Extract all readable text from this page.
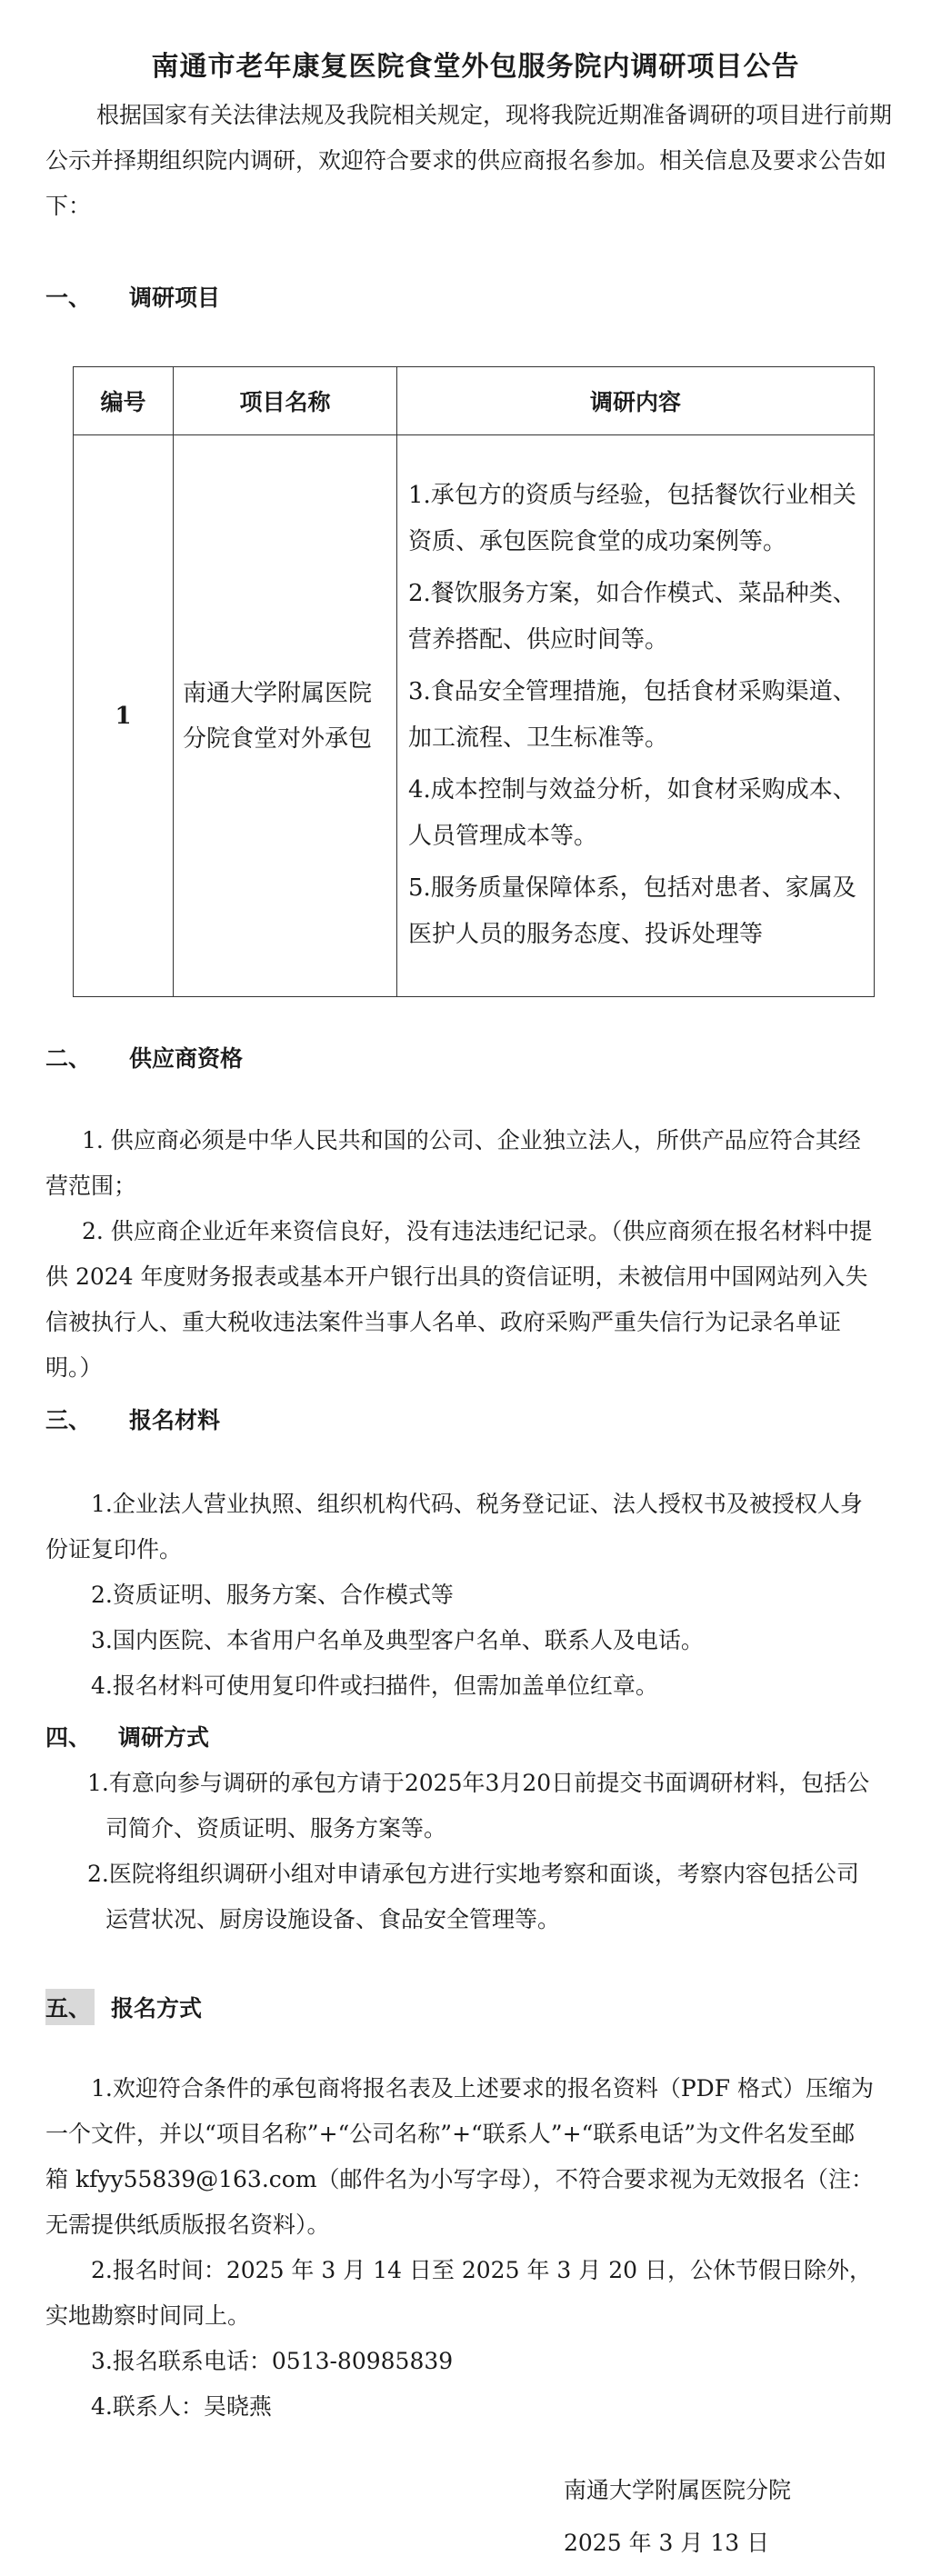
南通市老年康复医院食堂外包服务院内调研项目公告
根据国家有关法律法规及我院相关规定，现将我院近期准备调研的项目进行前期公示并择期组织院内调研，欢迎符合要求的供应商报名参加。相关信息及要求公告如下：
一、 调研项目
编号	项目名称	调研内容
1	南通大学附属医院分院食堂对外承包	1.承包方的资质与经验，包括餐饮行业相关资质、承包医院食堂的成功案例等。

2.餐饮服务方案，如合作模式、菜品种类、营养搭配、供应时间等。

3.食品安全管理措施，包括食材采购渠道、加工流程、卫生标准等。

4.成本控制与效益分析，如食材采购成本、人员管理成本等。

5.服务质量保障体系，包括对患者、家属及医护人员的服务态度、投诉处理等

二、 供应商资格
1. 供应商必须是中华人民共和国的公司、企业独立法人，所供产品应符合其经营范围；
2. 供应商企业近年来资信良好，没有违法违纪记录。（供应商须在报名材料中提供 2024 年度财务报表或基本开户银行出具的资信证明，未被信用中国网站列入失信被执行人、重大税收违法案件当事人名单、政府采购严重失信行为记录名单证明。）
三、 报名材料
1.企业法人营业执照、组织机构代码、税务登记证、法人授权书及被授权人身份证复印件。
2.资质证明、服务方案、合作模式等
3.国内医院、本省用户名单及典型客户名单、联系人及电话。
4.报名材料可使用复印件或扫描件，但需加盖单位红章。
四、 调研方式
1.有意向参与调研的承包方请于2025年3月20日前提交书面调研材料，包括公司简介、资质证明、服务方案等。
2.医院将组织调研小组对申请承包方进行实地考察和面谈，考察内容包括公司运营状况、厨房设施设备、食品安全管理等。
五、 报名方式
1.欢迎符合条件的承包商将报名表及上述要求的报名资料（PDF 格式）压缩为一个文件，并以“项目名称”+“公司名称”+“联系人”+“联系电话”为文件名发至邮箱 kfyy55839@163.com（邮件名为小写字母），不符合要求视为无效报名（注：无需提供纸质版报名资料）。
2.报名时间：2025 年 3 月 14 日至 2025 年 3 月 20 日，公休节假日除外，实地勘察时间同上。
3.报名联系电话：0513-80985839
4.联系人：吴晓燕
南通大学附属医院分院
2025 年 3 月 13 日
